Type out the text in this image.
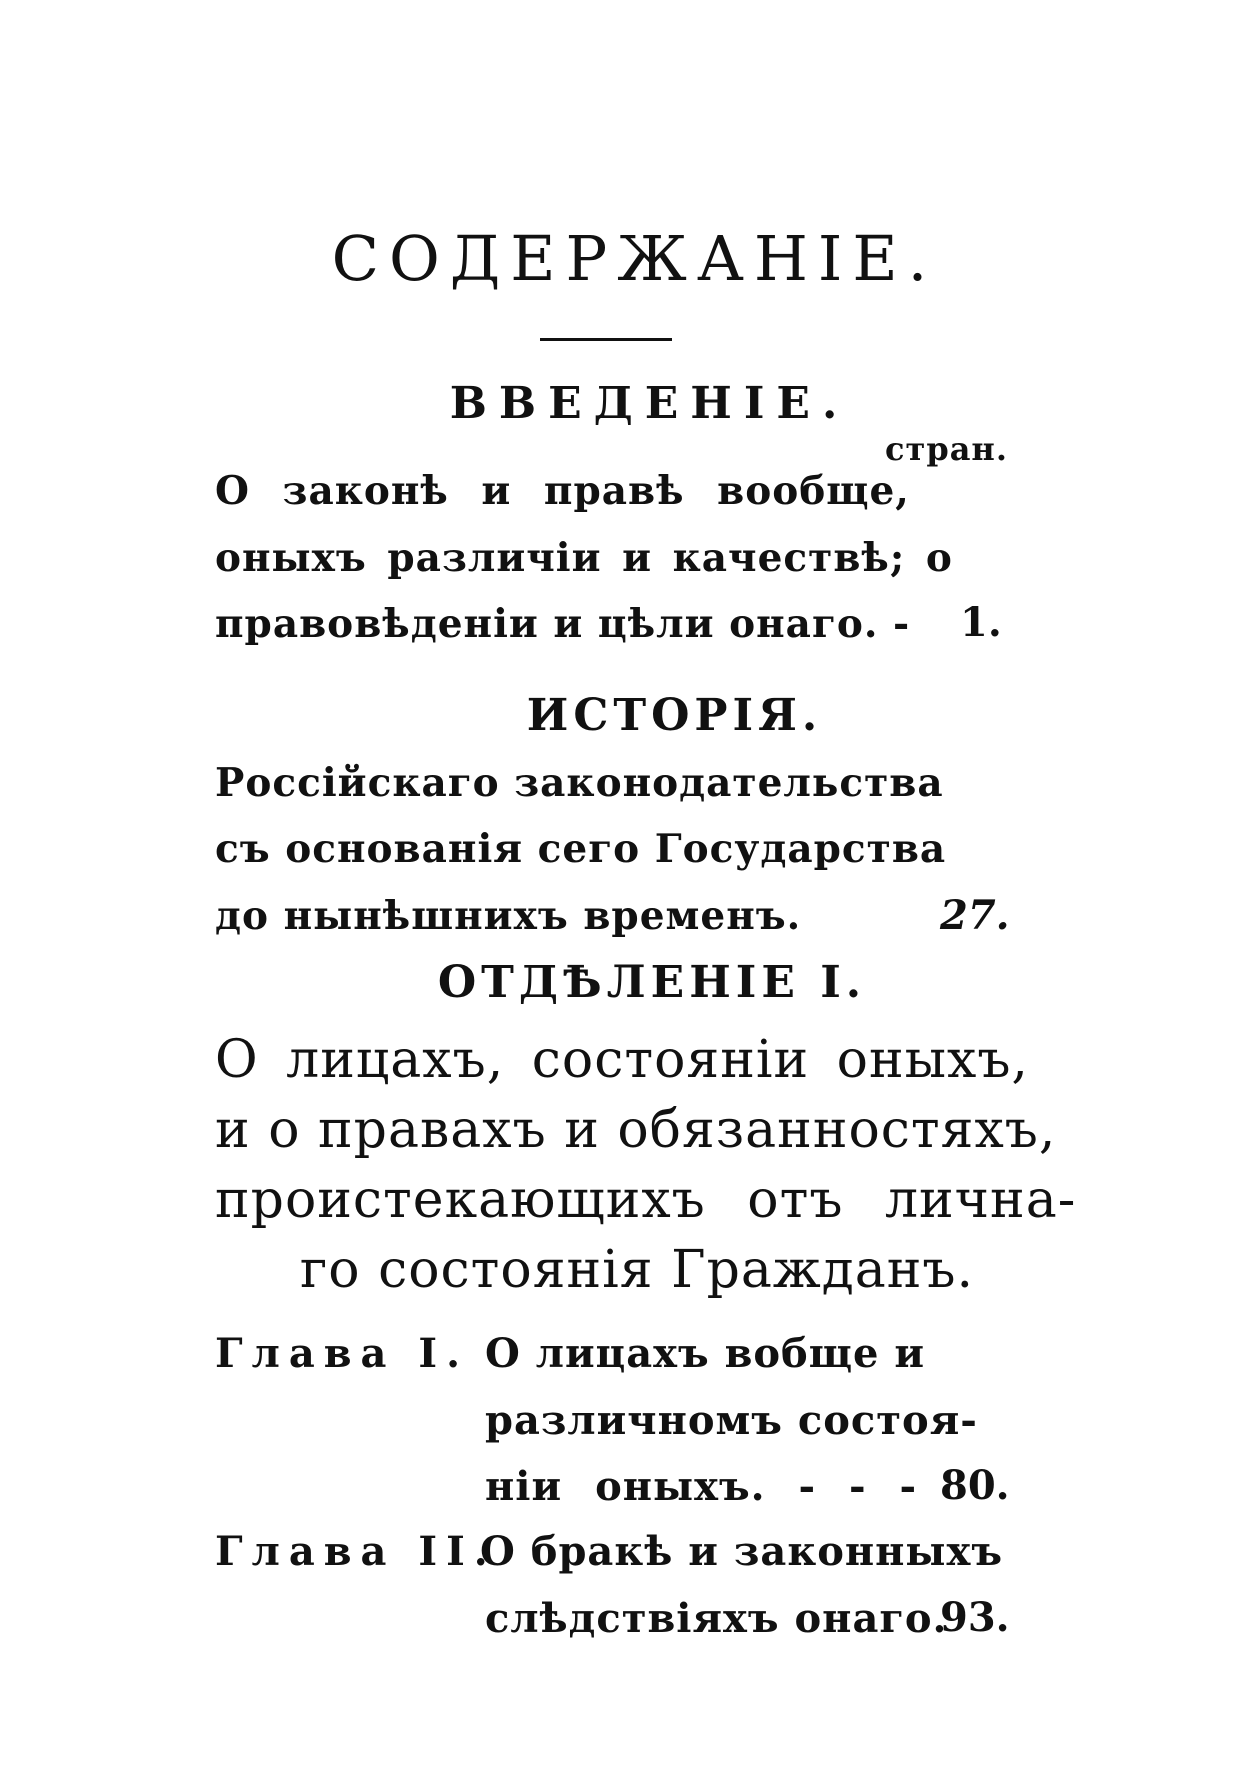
СОДЕРЖАНІЕ.
ВВЕДЕНІЕ.
стран.
О законѣ и правѣ вообще,
оныхъ различіи и качествѣ; о
правовѣденіи и цѣли онаго. - 1.
ИСТОРІЯ.
Россійскаго законодательства
съ основанія сего Государства
до нынѣшнихъ временъ.	27.
ОТДѢЛЕНІЕ I.
О лицахъ, состояніи оныхъ,
и о правахъ и обязанностяхъ,
проистекающихъ отъ лична-
го состоянія Гражданъ.
Глава I. О лицахъ вобще и
различномъ состоя-
ніи оныхъ. - - - 80.
Глава II.
О бракѣ и законныхъ
слѣдствіяхъ онаго.
93.
